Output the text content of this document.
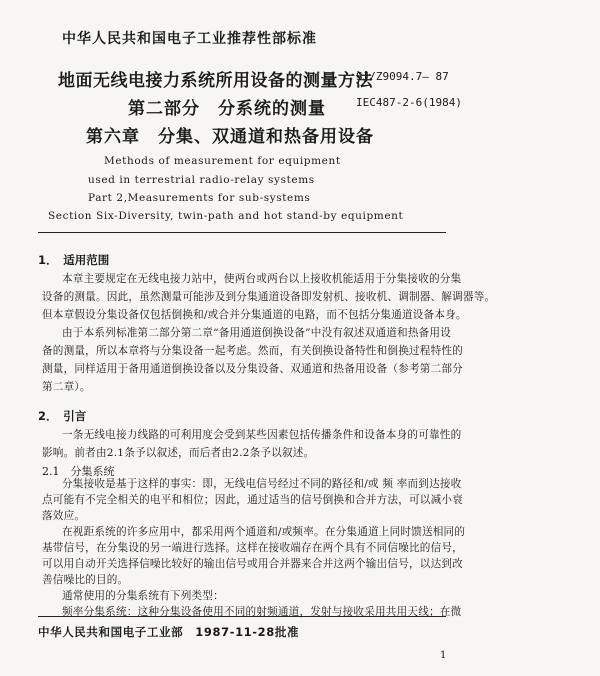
中华人民共和国电子工业推荐性部标准
地面无线电接力系统所用设备的测量方法
SJ/Z9094.7— 87
第二部分　分系统的测量	IEC487-2-6(1984)
第六章　分集、双通道和热备用设备
Methods of measurement for equipment
used in terrestrial radio-relay systems
Part 2,Measurements for sub-systems
Section Six-Diversity, twin-path and hot stand-by equipment
1．　适用范围
本章主要规定在无线电接力站中，使两台或两台以上接收机能适用于分集接收的分集
设备的测量。因此，虽然测量可能涉及到分集通道设备即发射机、接收机、调制器、解调器等。
但本章假设分集设备仅包括倒换和/或合并分集通道的电路，而不包括分集通道设备本身。
由于本系列标准第二部分第二章“备用通道倒换设备”中没有叙述双通道和热备用设
备的测量，所以本章将与分集设备一起考虑。然而，有关倒换设备特性和倒换过程特性的
测量，同样适用于备用通道倒换设备以及分集设备、双通道和热备用设备（参考第二部分
第二章）。
2．　引言
一条无线电接力线路的可利用度会受到某些因素包括传播条件和设备本身的可靠性的
影响。前者由2.1条予以叙述，而后者由2.2条予以叙述。
2.1　分集系统
分集接收是基于这样的事实：即，无线电信号经过不同的路径和/或 频 率而到达接收
点可能有不完全相关的电平和相位；因此，通过适当的信号倒换和合并方法，可以减小衰
落效应。
在视距系统的许多应用中，都采用两个通道和/或频率。在分集通道上同时馈送相同的
基带信号，在分集设的另一端进行选择。这样在接收端存在两个具有不同信噪比的信号，
可以用自动开关选择信噪比较好的输出信号或用合并器来合并这两个输出信号，以达到改
善信噪比的目的。
中华人民共和国电子工业部　1987-11-28批准
1
通常使用的分集系统有下列类型：
频率分集系统：这种分集设备使用不同的射频通道，发射与接收采用共用天线；在微
